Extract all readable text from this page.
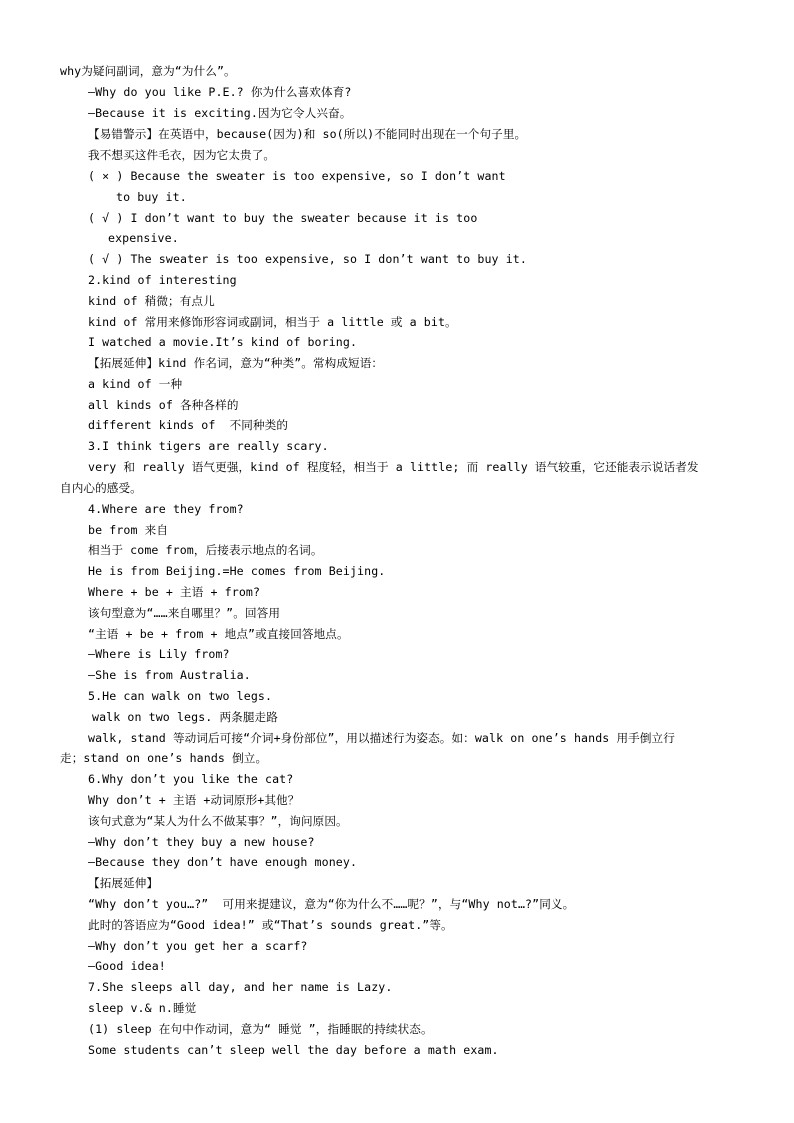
why为疑问副词，意为“为什么”。
—Why do you like P.E.? 你为什么喜欢体育?
—Because it is exciting.因为它令人兴奋。
【易错警示】在英语中，because(因为)和 so(所以)不能同时出现在一个句子里。
我不想买这件毛衣，因为它太贵了。
( × ) Because the sweater is too expensive, so I don’t want
to buy it.
( √ ) I don’t want to buy the sweater because it is too
expensive.
( √ ) The sweater is too expensive, so I don’t want to buy it.
2.kind of interesting
kind of 稍微；有点儿
kind of 常用来修饰形容词或副词，相当于 a little 或 a bit。
I watched a movie.It’s kind of boring.
【拓展延伸】kind 作名词，意为“种类”。常构成短语：
a kind of 一种
all kinds of 各种各样的
different kinds of  不同种类的
3.I think tigers are really scary.
very 和 really 语气更强，kind of 程度轻，相当于 a little; 而 really 语气较重，它还能表示说话者发
自内心的感受。
4.Where are they from?
be from 来自
相当于 come from，后接表示地点的名词。
He is from Beijing.=He comes from Beijing.
Where + be + 主语 + from?
该句型意为“……来自哪里？”。回答用
“主语 + be + from + 地点”或直接回答地点。
—Where is Lily from?
—She is from Australia.
5.He can walk on two legs.
walk on two legs. 两条腿走路
walk, stand 等动词后可接“介词+身份部位”，用以描述行为姿态。如：walk on one’s hands 用手倒立行
走；stand on one’s hands 倒立。
6.Why don’t you like the cat?
Why don’t + 主语 +动词原形+其他？
该句式意为“某人为什么不做某事？”，询问原因。
—Why don’t they buy a new house?
—Because they don’t have enough money.
【拓展延伸】
“Why don’t you…?”  可用来提建议，意为“你为什么不……呢？”，与“Why not…?”同义。
此时的答语应为“Good idea!” 或“That’s sounds great.”等。
—Why don’t you get her a scarf?
—Good idea!
7.She sleeps all day, and her name is Lazy.
sleep v.& n.睡觉
(1) sleep 在句中作动词，意为“ 睡觉 ”，指睡眠的持续状态。
Some students can’t sleep well the day before a math exam.
